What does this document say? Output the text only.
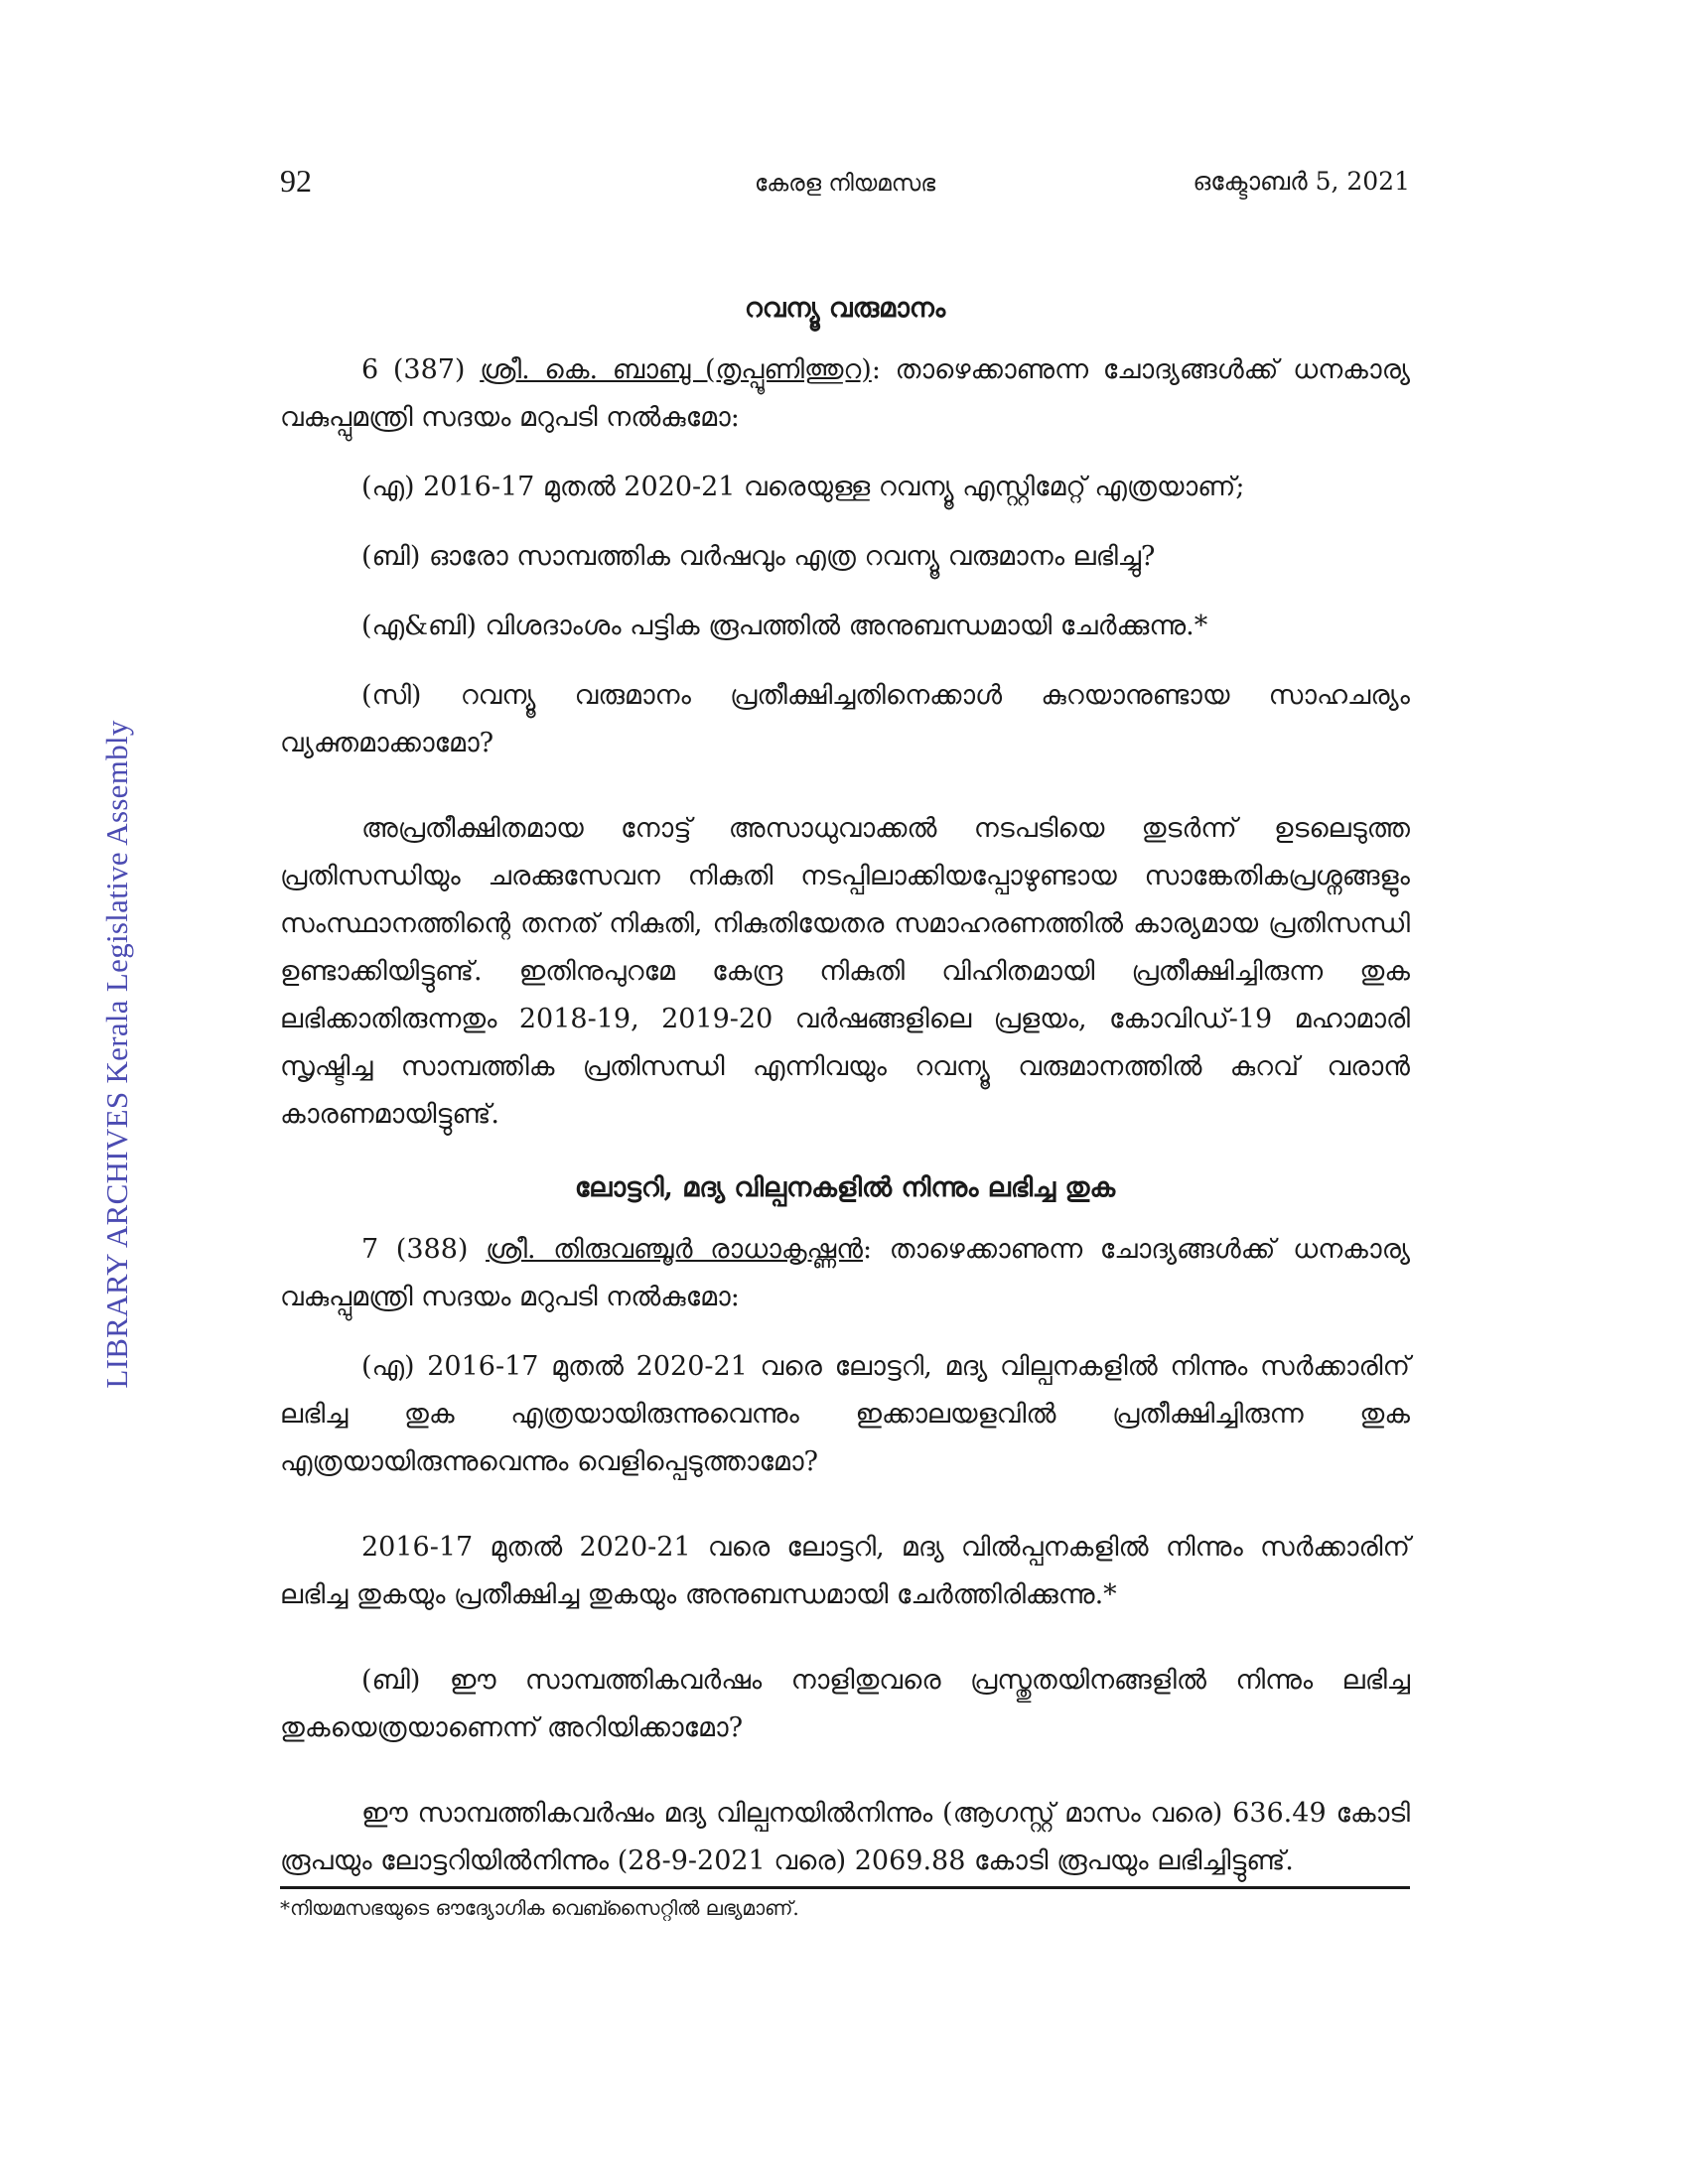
LIBRARY ARCHIVES Kerala Legislative Assembly
92	കേരള നിയമസഭ	ഒക്ടോബർ 5, 2021
റവന്യൂ വരുമാനം

6 (387) ശ്രീ. കെ. ബാബു (തൃപ്പൂണിത്തുറ): താഴെക്കാണുന്ന ചോദ്യങ്ങൾക്ക് ധനകാര്യ വകുപ്പുമന്ത്രി സദയം മറുപടി നൽകുമോ:

(എ) 2016-17 മുതൽ 2020-21 വരെയുള്ള റവന്യൂ എസ്റ്റിമേറ്റ് എത്രയാണ്;

(ബി) ഓരോ സാമ്പത്തിക വർഷവും എത്ര റവന്യൂ വരുമാനം ലഭിച്ചു?

(എ&ബി) വിശദാംശം പട്ടിക രൂപത്തിൽ അനുബന്ധമായി ചേർക്കുന്നു.*

(സി) റവന്യൂ വരുമാനം പ്രതീക്ഷിച്ചതിനെക്കാൾ കുറയാനുണ്ടായ സാഹചര്യം വ്യക്തമാക്കാമോ?

അപ്രതീക്ഷിതമായ നോട്ട് അസാധുവാക്കൽ നടപടിയെ തുടർന്ന് ഉടലെടുത്ത പ്രതിസന്ധിയും ചരക്കുസേവന നികുതി നടപ്പിലാക്കിയപ്പോഴുണ്ടായ സാങ്കേതികപ്രശ്നങ്ങളും സംസ്ഥാനത്തിന്റെ തനത് നികുതി, നികുതിയേതര സമാഹരണത്തിൽ കാര്യമായ പ്രതിസന്ധി ഉണ്ടാക്കിയിട്ടുണ്ട്. ഇതിനുപുറമേ കേന്ദ്ര നികുതി വിഹിതമായി പ്രതീക്ഷിച്ചിരുന്ന തുക ലഭിക്കാതിരുന്നതും 2018-19, 2019-20 വർഷങ്ങളിലെ പ്രളയം, കോവിഡ്-19 മഹാമാരി സൃഷ്ടിച്ച സാമ്പത്തിക പ്രതിസന്ധി എന്നിവയും റവന്യൂ വരുമാനത്തിൽ കുറവ് വരാൻ കാരണമായിട്ടുണ്ട്.

ലോട്ടറി, മദ്യ വില്പനകളിൽ നിന്നും ലഭിച്ച തുക

7 (388) ശ്രീ. തിരുവഞ്ചൂർ രാധാകൃഷ്ണൻ: താഴെക്കാണുന്ന ചോദ്യങ്ങൾക്ക് ധനകാര്യ വകുപ്പുമന്ത്രി സദയം മറുപടി നൽകുമോ:

(എ) 2016-17 മുതൽ 2020-21 വരെ ലോട്ടറി, മദ്യ വില്പനകളിൽ നിന്നും സർക്കാരിന് ലഭിച്ച തുക എത്രയായിരുന്നുവെന്നും ഇക്കാലയളവിൽ പ്രതീക്ഷിച്ചിരുന്ന തുക എത്രയായിരുന്നുവെന്നും വെളിപ്പെടുത്താമോ?

2016-17 മുതൽ 2020-21 വരെ ലോട്ടറി, മദ്യ വിൽപ്പനകളിൽ നിന്നും സർക്കാരിന് ലഭിച്ച തുകയും പ്രതീക്ഷിച്ച തുകയും അനുബന്ധമായി ചേർത്തിരിക്കുന്നു.*

(ബി) ഈ സാമ്പത്തികവർഷം നാളിതുവരെ പ്രസ്തുതയിനങ്ങളിൽ നിന്നും ലഭിച്ച തുകയെത്രയാണെന്ന് അറിയിക്കാമോ?

ഈ സാമ്പത്തികവർഷം മദ്യ വില്പനയിൽനിന്നും (ആഗസ്റ്റ് മാസം വരെ) 636.49 കോടി രൂപയും ലോട്ടറിയിൽനിന്നും (28-9-2021 വരെ) 2069.88 കോടി രൂപയും ലഭിച്ചിട്ടുണ്ട്.

*നിയമസഭയുടെ ഔദ്യോഗിക വെബ്സൈറ്റിൽ ലഭ്യമാണ്.
